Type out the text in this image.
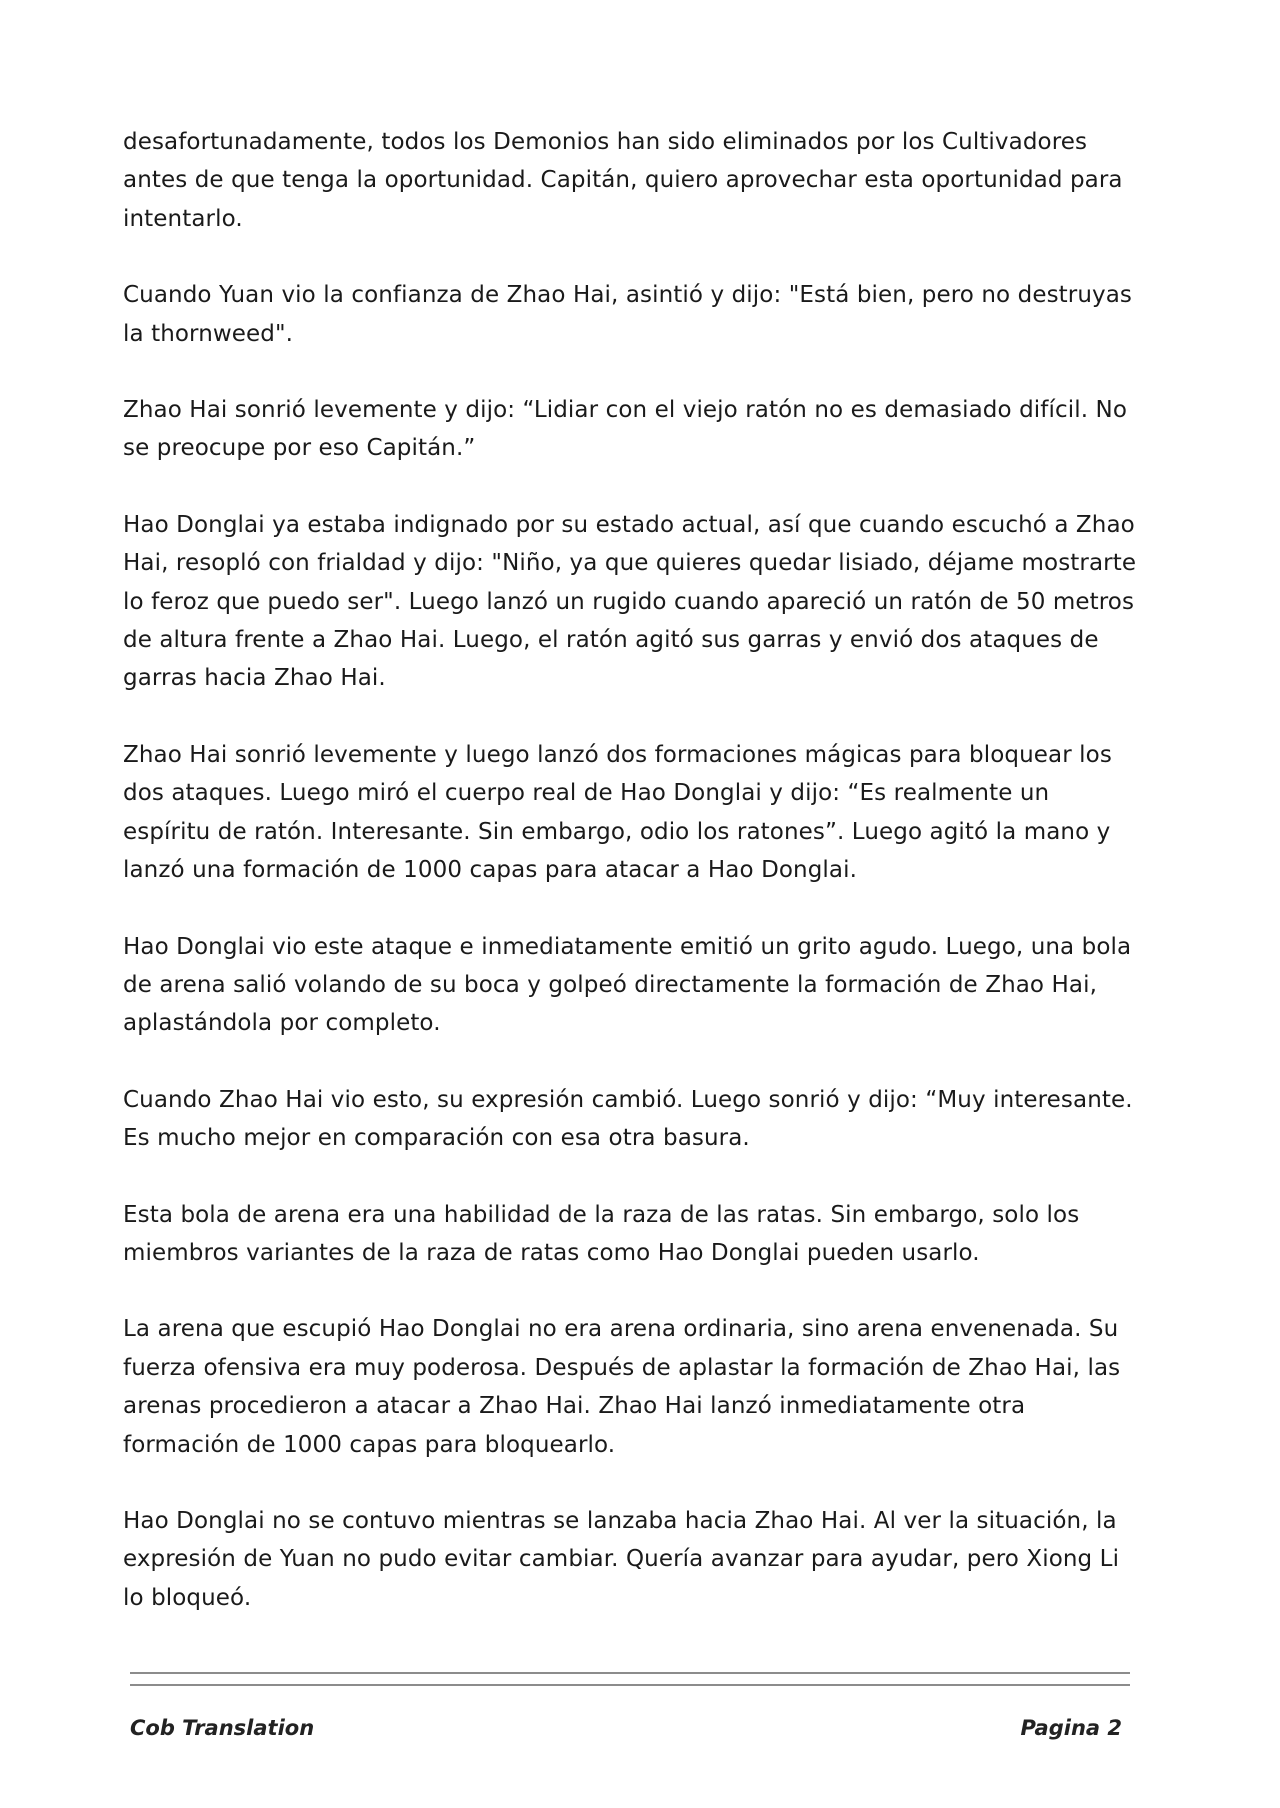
desafortunadamente, todos los Demonios han sido eliminados por los Cultivadores antes de que tenga la oportunidad. Capitán, quiero aprovechar esta oportunidad para intentarlo.

Cuando Yuan vio la confianza de Zhao Hai, asintió y dijo: "Está bien, pero no destruyas la thornweed".

Zhao Hai sonrió levemente y dijo: “Lidiar con el viejo ratón no es demasiado difícil. No se preocupe por eso Capitán.”

Hao Donglai ya estaba indignado por su estado actual, así que cuando escuchó a Zhao Hai, resopló con frialdad y dijo: "Niño, ya que quieres quedar lisiado, déjame mostrarte lo feroz que puedo ser". Luego lanzó un rugido cuando apareció un ratón de 50 metros de altura frente a Zhao Hai. Luego, el ratón agitó sus garras y envió dos ataques de garras hacia Zhao Hai.

Zhao Hai sonrió levemente y luego lanzó dos formaciones mágicas para bloquear los dos ataques. Luego miró el cuerpo real de Hao Donglai y dijo: “Es realmente un espíritu de ratón. Interesante. Sin embargo, odio los ratones”. Luego agitó la mano y lanzó una formación de 1000 capas para atacar a Hao Donglai.

Hao Donglai vio este ataque e inmediatamente emitió un grito agudo. Luego, una bola de arena salió volando de su boca y golpeó directamente la formación de Zhao Hai, aplastándola por completo.

Cuando Zhao Hai vio esto, su expresión cambió. Luego sonrió y dijo: “Muy interesante. Es mucho mejor en comparación con esa otra basura.

Esta bola de arena era una habilidad de la raza de las ratas. Sin embargo, solo los miembros variantes de la raza de ratas como Hao Donglai pueden usarlo.

La arena que escupió Hao Donglai no era arena ordinaria, sino arena envenenada. Su fuerza ofensiva era muy poderosa. Después de aplastar la formación de Zhao Hai, las arenas procedieron a atacar a Zhao Hai. Zhao Hai lanzó inmediatamente otra formación de 1000 capas para bloquearlo.

Hao Donglai no se contuvo mientras se lanzaba hacia Zhao Hai. Al ver la situación, la expresión de Yuan no pudo evitar cambiar. Quería avanzar para ayudar, pero Xiong Li lo bloqueó.

Cob Translation	Pagina 2
